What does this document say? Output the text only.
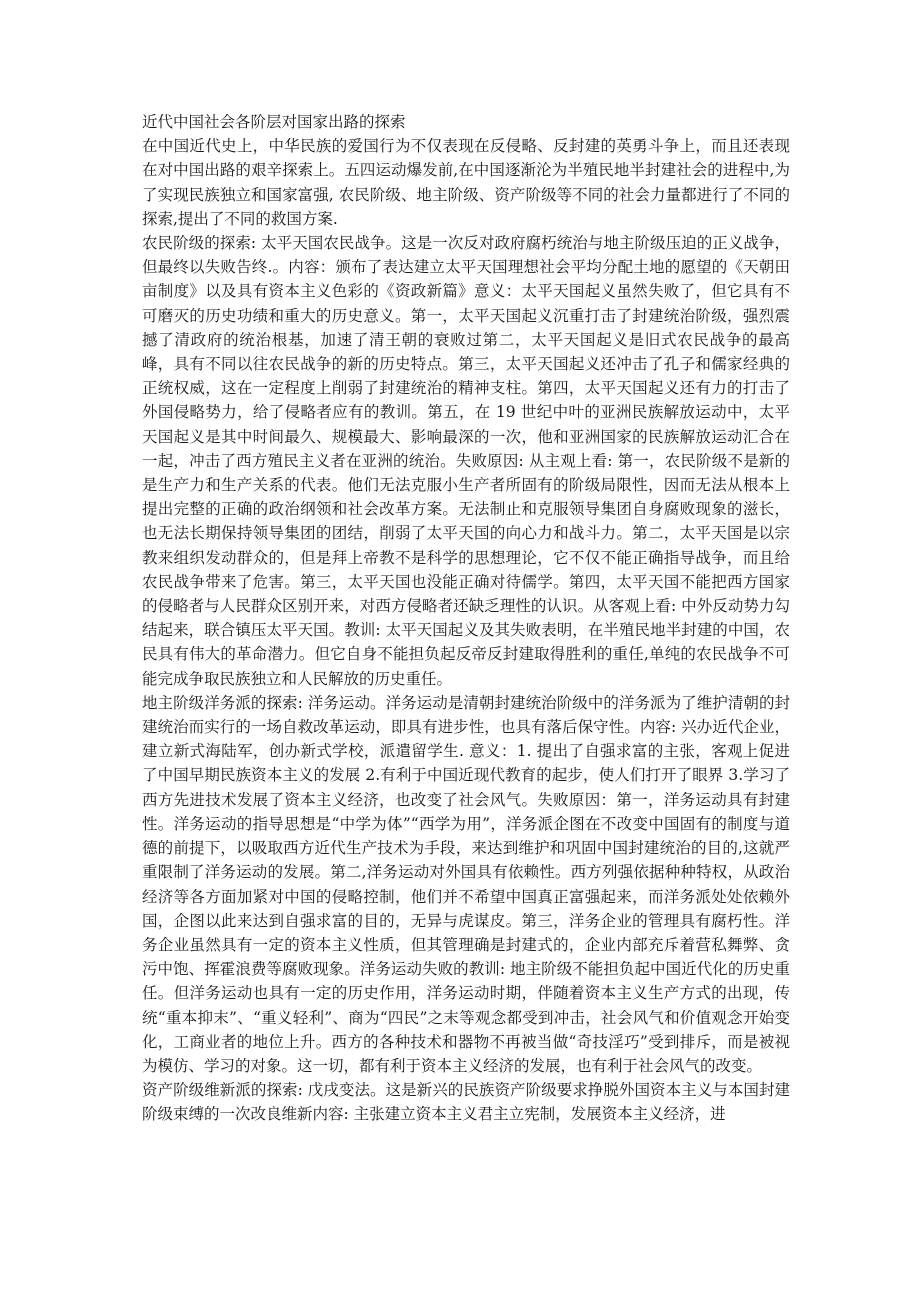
近代中国社会各阶层对国家出路的探索

在中国近代史上，中华民族的爱国行为不仅表现在反侵略、反封建的英勇斗争上，而且还表现在对中国出路的艰辛探索上。五四运动爆发前,在中国逐渐沦为半殖民地半封建社会的进程中,为了实现民族独立和国家富强, 农民阶级、地主阶级、资产阶级等不同的社会力量都进行了不同的探索,提出了不同的救国方案.

农民阶级的探索: 太平天国农民战争。这是一次反对政府腐朽统治与地主阶级压迫的正义战争，但最终以失败告终.。内容：颁布了表达建立太平天国理想社会平均分配土地的愿望的《天朝田亩制度》以及具有资本主义色彩的《资政新篇》意义：太平天国起义虽然失败了，但它具有不可磨灭的历史功绩和重大的历史意义。第一，太平天国起义沉重打击了封建统治阶级，强烈震撼了清政府的统治根基，加速了清王朝的衰败过第二，太平天国起义是旧式农民战争的最高峰，具有不同以往农民战争的新的历史特点。第三，太平天国起义还冲击了孔子和儒家经典的正统权威，这在一定程度上削弱了封建统治的精神支柱。第四，太平天国起义还有力的打击了外国侵略势力，给了侵略者应有的教训。第五，在 19 世纪中叶的亚洲民族解放运动中，太平天国起义是其中时间最久、规模最大、影响最深的一次，他和亚洲国家的民族解放运动汇合在一起，冲击了西方殖民主义者在亚洲的统治。失败原因: 从主观上看: 第一，农民阶级不是新的是生产力和生产关系的代表。他们无法克服小生产者所固有的阶级局限性，因而无法从根本上提出完整的正确的政治纲领和社会改革方案。无法制止和克服领导集团自身腐败现象的滋长，也无法长期保持领导集团的团结，削弱了太平天国的向心力和战斗力。第二，太平天国是以宗教来组织发动群众的，但是拜上帝教不是科学的思想理论，它不仅不能正确指导战争，而且给农民战争带来了危害。第三，太平天国也没能正确对待儒学。第四，太平天国不能把西方国家的侵略者与人民群众区别开来，对西方侵略者还缺乏理性的认识。从客观上看: 中外反动势力勾结起来，联合镇压太平天国。教训: 太平天国起义及其失败表明，在半殖民地半封建的中国，农民具有伟大的革命潜力。但它自身不能担负起反帝反封建取得胜利的重任,单纯的农民战争不可能完成争取民族独立和人民解放的历史重任。

地主阶级洋务派的探索: 洋务运动。洋务运动是清朝封建统治阶级中的洋务派为了维护清朝的封建统治而实行的一场自救改革运动，即具有进步性，也具有落后保守性。内容: 兴办近代企业，建立新式海陆军，创办新式学校，派遣留学生. 意义：1. 提出了自强求富的主张，客观上促进了中国早期民族资本主义的发展 2.有利于中国近现代教育的起步，使人们打开了眼界 3.学习了西方先进技术发展了资本主义经济，也改变了社会风气。失败原因：第一，洋务运动具有封建性。洋务运动的指导思想是“中学为体”“西学为用”，洋务派企图在不改变中国固有的制度与道德的前提下，以吸取西方近代生产技术为手段，来达到维护和巩固中国封建统治的目的,这就严重限制了洋务运动的发展。第二,洋务运动对外国具有依赖性。西方列强依据种种特权，从政治经济等各方面加紧对中国的侵略控制，他们并不希望中国真正富强起来，而洋务派处处依赖外国，企图以此来达到自强求富的目的，无异与虎谋皮。第三，洋务企业的管理具有腐朽性。洋务企业虽然具有一定的资本主义性质，但其管理确是封建式的，企业内部充斥着营私舞弊、贪污中饱、挥霍浪费等腐败现象。洋务运动失败的教训: 地主阶级不能担负起中国近代化的历史重任。但洋务运动也具有一定的历史作用，洋务运动时期，伴随着资本主义生产方式的出现，传统“重本抑末”、“重义轻利”、商为“四民”之末等观念都受到冲击，社会风气和价值观念开始变化，工商业者的地位上升。西方的各种技术和器物不再被当做“奇技淫巧”受到排斥，而是被视为模仿、学习的对象。这一切，都有利于资本主义经济的发展，也有利于社会风气的改变。

资产阶级维新派的探索: 戊戌变法。这是新兴的民族资产阶级要求挣脱外国资本主义与本国封建阶级束缚的一次改良维新内容: 主张建立资本主义君主立宪制，发展资本主义经济，进
